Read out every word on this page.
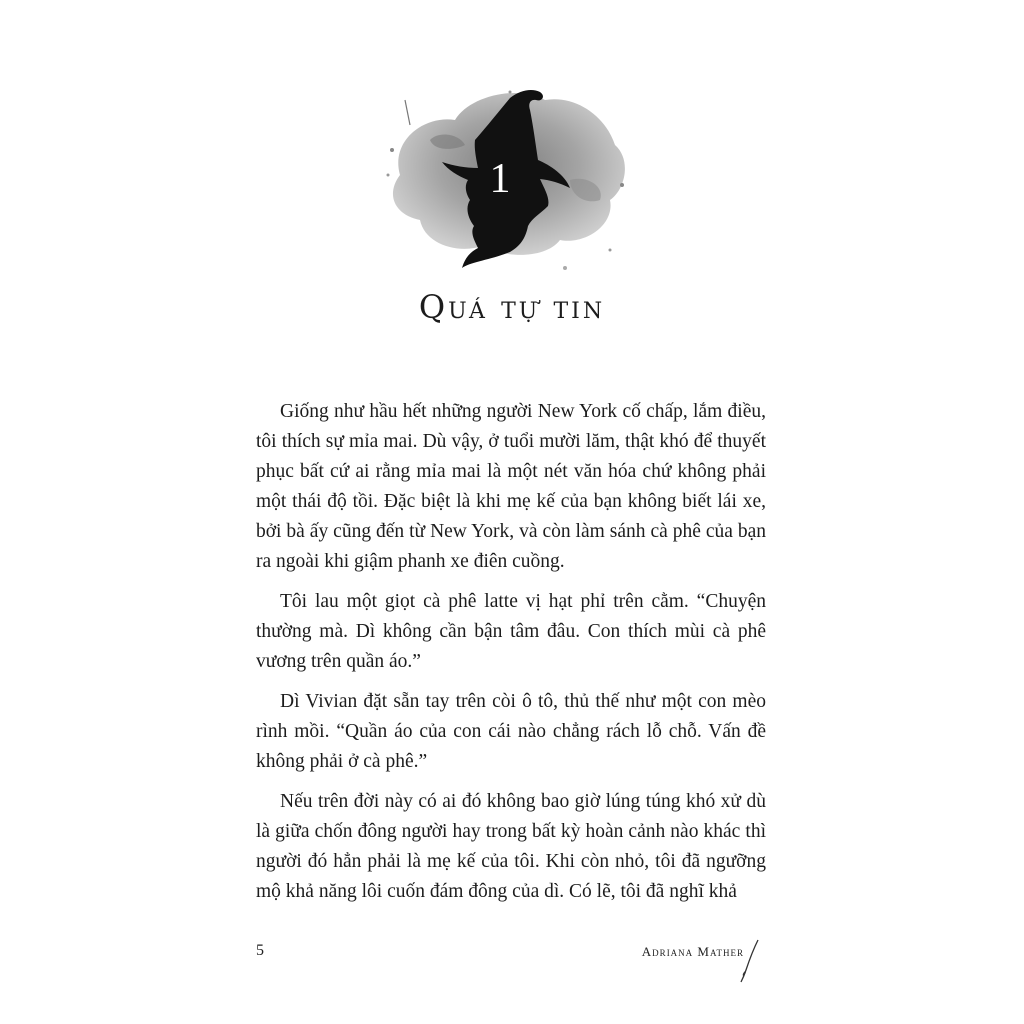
1
Quá tự tin

Giống như hầu hết những người New York cố chấp, lắm điều, tôi thích sự mỉa mai. Dù vậy, ở tuổi mười lăm, thật khó để thuyết phục bất cứ ai rằng mỉa mai là một nét văn hóa chứ không phải một thái độ tồi. Đặc biệt là khi mẹ kế của bạn không biết lái xe, bởi bà ấy cũng đến từ New York, và còn làm sánh cà phê của bạn ra ngoài khi giậm phanh xe điên cuồng.

Tôi lau một giọt cà phê latte vị hạt phỉ trên cằm. “Chuyện thường mà. Dì không cần bận tâm đâu. Con thích mùi cà phê vương trên quần áo.”

Dì Vivian đặt sẵn tay trên còi ô tô, thủ thế như một con mèo rình mồi. “Quần áo của con cái nào chẳng rách lỗ chỗ. Vấn đề không phải ở cà phê.”

Nếu trên đời này có ai đó không bao giờ lúng túng khó xử dù là giữa chốn đông người hay trong bất kỳ hoàn cảnh nào khác thì người đó hẳn phải là mẹ kế của tôi. Khi còn nhỏ, tôi đã ngưỡng mộ khả năng lôi cuốn đám đông của dì. Có lẽ, tôi đã nghĩ khả

5	Adriana Mather
